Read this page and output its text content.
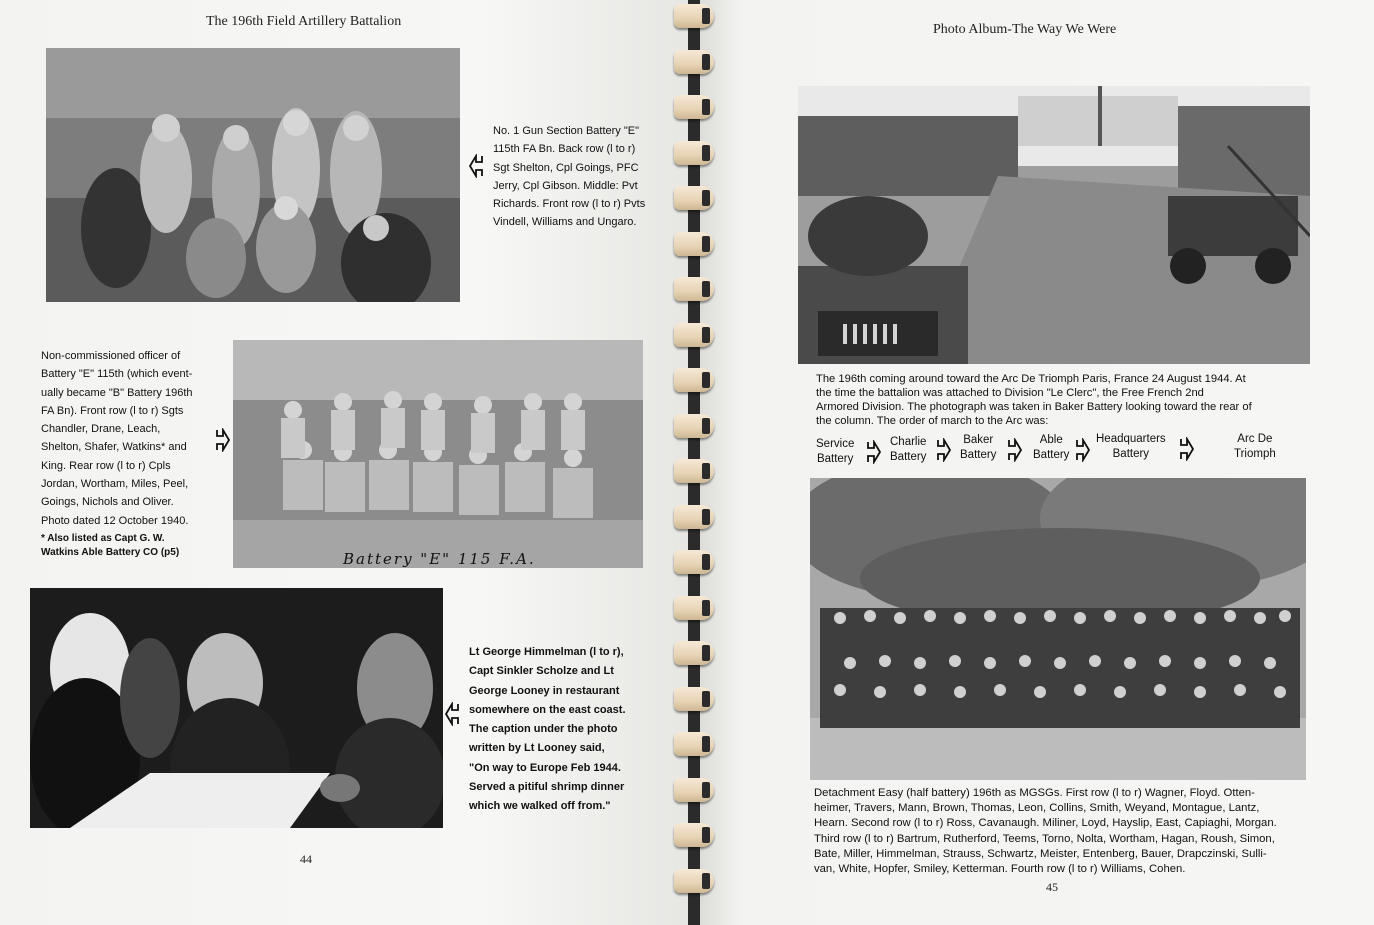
The 196th Field Artillery Battalion
No. 1 Gun Section Battery "E"
115th FA Bn. Back row (l to r)
Sgt Shelton, Cpl Goings, PFC
Jerry, Cpl Gibson. Middle: Pvt
Richards. Front row (l to r) Pvts
Vindell, Williams and Ungaro.
Non-commissioned officer of
Battery "E" 115th (which event-
ually became "B" Battery 196th
FA Bn). Front row (l to r) Sgts
Chandler, Drane, Leach,
Shelton, Shafer, Watkins* and
King. Rear row (l to r) Cpls
Jordan, Wortham, Miles, Peel,
Goings, Nichols and Oliver.
Photo dated 12 October 1940.
* Also listed as Capt G. W.
Watkins Able Battery CO (p5)	Battery "E" 115 F.A.
Lt George Himmelman (l to r),
Capt Sinkler Scholze and Lt
George Looney in restaurant
somewhere on the east coast.
The caption under the photo
written by Lt Looney said,
"On way to Europe Feb 1944.
Served a pitiful shrimp dinner
which we walked off from."
44
Photo Album-The Way We Were
The 196th coming around toward the Arc De Triomph Paris, France 24 August 1944. At
the time the battalion was attached to Division "Le Clerc", the Free French 2nd
Armored Division. The photograph was taken in Baker Battery looking toward the rear of
the column. The order of march to the Arc was:
Service
Battery
Charlie
Battery
Baker
Battery
Able
Battery
Headquarters
Battery
Arc De
Triomph
Detachment Easy (half battery) 196th as MGSGs. First row (l to r) Wagner, Floyd. Otten-
heimer, Travers, Mann, Brown, Thomas, Leon, Collins, Smith, Weyand, Montague, Lantz,
Hearn. Second row (l to r) Ross, Cavanaugh. Miliner, Loyd, Hayslip, East, Capiaghi, Morgan.
Third row (l to r) Bartrum, Rutherford, Teems, Torno, Nolta, Wortham, Hagan, Roush, Simon,
Bate, Miller, Himmelman, Strauss, Schwartz, Meister, Entenberg, Bauer, Drapczinski, Sulli-
van, White, Hopfer, Smiley, Ketterman. Fourth row (l to r) Williams, Cohen.
45
